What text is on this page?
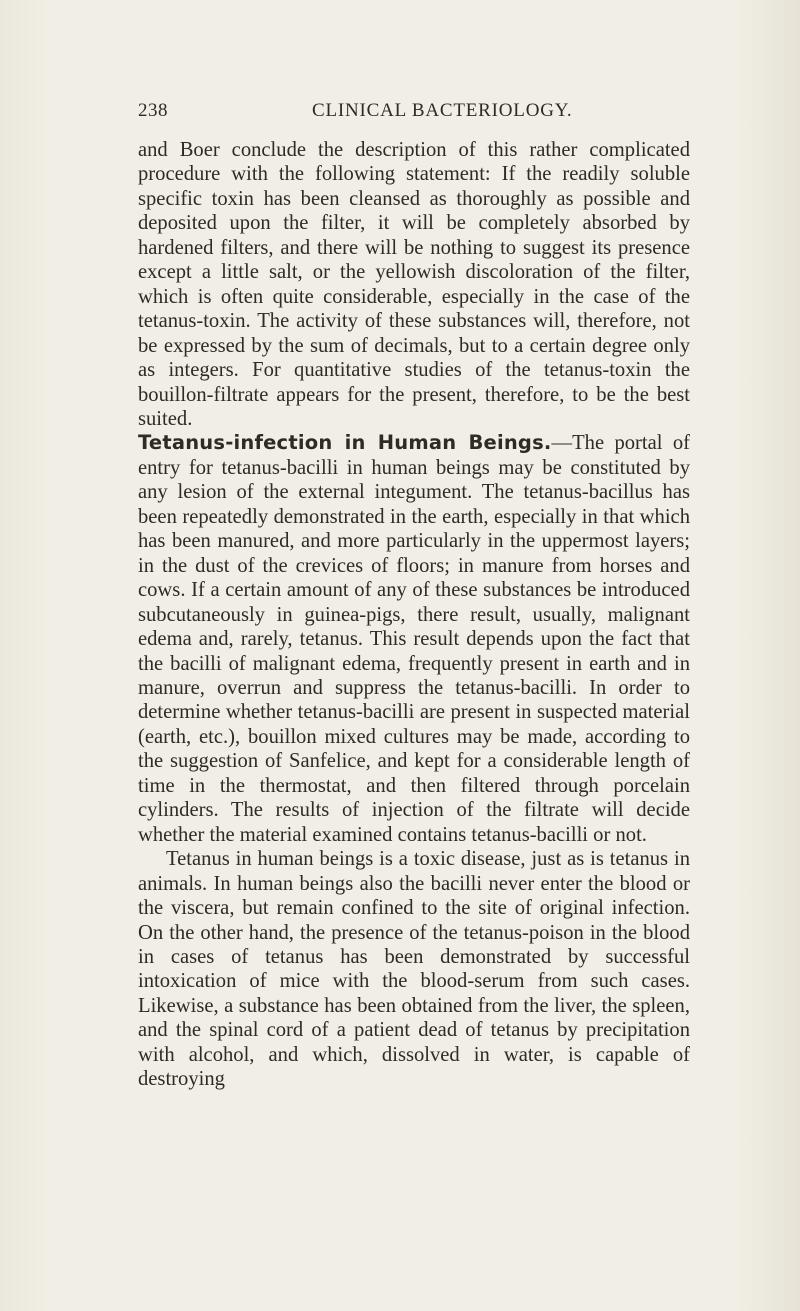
238	CLINICAL BACTERIOLOGY.

and Boer conclude the description of this rather complicated procedure with the following statement: If the readily soluble specific toxin has been cleansed as thoroughly as possible and deposited upon the filter, it will be completely absorbed by hardened filters, and there will be nothing to suggest its presence except a little salt, or the yellowish discoloration of the filter, which is often quite considerable, especially in the case of the tetanus-toxin. The activity of these substances will, therefore, not be expressed by the sum of decimals, but to a certain degree only as integers. For quantitative studies of the tetanus-toxin the bouillon-filtrate appears for the present, therefore, to be the best suited.

Tetanus-infection in Human Beings.—The portal of entry for tetanus-bacilli in human beings may be constituted by any lesion of the external integument. The tetanus-bacillus has been repeatedly demonstrated in the earth, especially in that which has been manured, and more particularly in the uppermost layers; in the dust of the crevices of floors; in manure from horses and cows. If a certain amount of any of these substances be introduced subcutaneously in guinea-pigs, there result, usually, malignant edema and, rarely, tetanus. This result depends upon the fact that the bacilli of malignant edema, frequently present in earth and in manure, overrun and suppress the tetanus-bacilli. In order to determine whether tetanus-bacilli are present in suspected material (earth, etc.), bouillon mixed cultures may be made, according to the suggestion of Sanfelice, and kept for a considerable length of time in the thermostat, and then filtered through porcelain cylinders. The results of injection of the filtrate will decide whether the material examined contains tetanus-bacilli or not.

Tetanus in human beings is a toxic disease, just as is tetanus in animals. In human beings also the bacilli never enter the blood or the viscera, but remain confined to the site of original infection. On the other hand, the presence of the tetanus-poison in the blood in cases of tetanus has been demonstrated by successful intoxication of mice with the blood-serum from such cases. Likewise, a substance has been obtained from the liver, the spleen, and the spinal cord of a patient dead of tetanus by precipitation with alcohol, and which, dissolved in water, is capable of destroying
